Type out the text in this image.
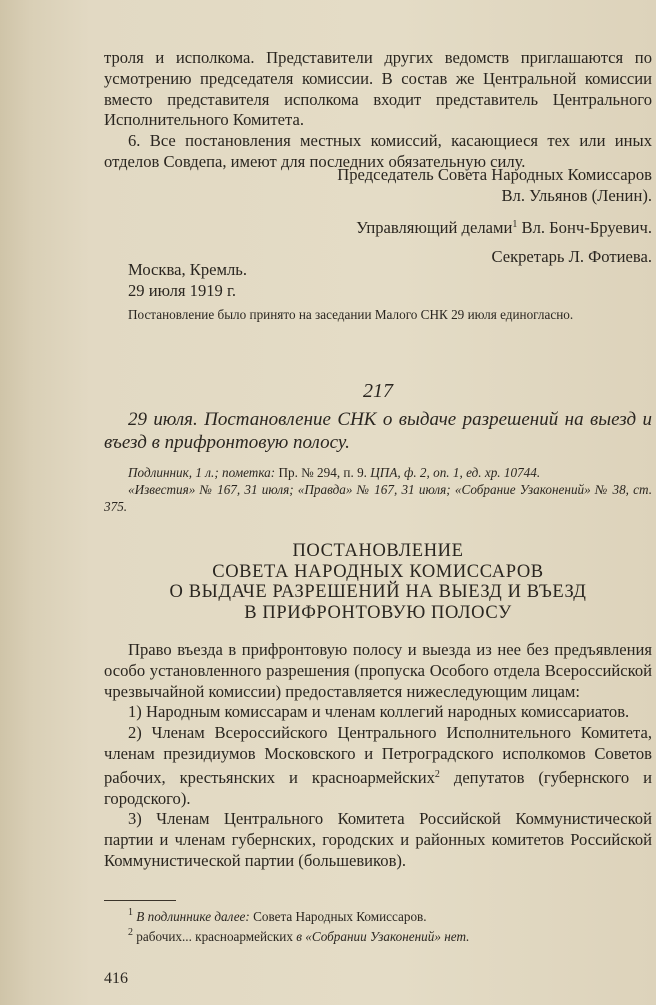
троля и исполкома. Представители других ведомств приглашаются по усмотрению председателя комиссии. В состав же Центральной комиссии вместо представителя исполкома входит представитель Центрального Исполнительного Комитета.

6. Все постановления местных комиссий, касающиеся тех или иных отделов Совдепа, имеют для последних обязательную силу.

Председатель Совета Народных Комиссаров

Вл. Ульянов (Ленин).

Управляющий делами$^1$ Вл. Бонч-Бруевич.

Секретарь Л. Фотиева.

Москва, Кремль.

29 июля 1919 г.

Постановление было принято на заседании Малого СНК 29 июля единогласно.

217

29 июля. Постановление СНК о выдаче разрешений на выезд и въезд в прифронтовую полосу.

Подлинник, 1 л.; пометка: Пр. № 294, п. 9. ЦПА, ф. 2, оп. 1, ед. хр. 10744.

«Известия» № 167, 31 июля; «Правда» № 167, 31 июля; «Собрание Узаконений» № 38, ст. 375.

ПОСТАНОВЛЕНИЕ

СОВЕТА НАРОДНЫХ КОМИССАРОВ

О ВЫДАЧЕ РАЗРЕШЕНИЙ НА ВЫЕЗД И ВЪЕЗД

В ПРИФРОНТОВУЮ ПОЛОСУ

Право въезда в прифронтовую полосу и выезда из нее без предъявления особо установленного разрешения (пропуска Особого отдела Всероссийской чрезвычайной комиссии) предоставляется нижеследующим лицам:

1) Народным комиссарам и членам коллегий народных комиссариатов.

2) Членам Всероссийского Центрального Исполнительного Комитета, членам президиумов Московского и Петроградского исполкомов Советов рабочих, крестьянских и красноармейских$^2$ депутатов (губернского и городского).

3) Членам Центрального Комитета Российской Коммунистической партии и членам губернских, городских и районных комитетов Российской Коммунистической партии (большевиков).

$^1$ В подлиннике далее: Совета Народных Комиссаров.

$^2$ рабочих... красноармейских в «Собрании Узаконений» нет.

416
